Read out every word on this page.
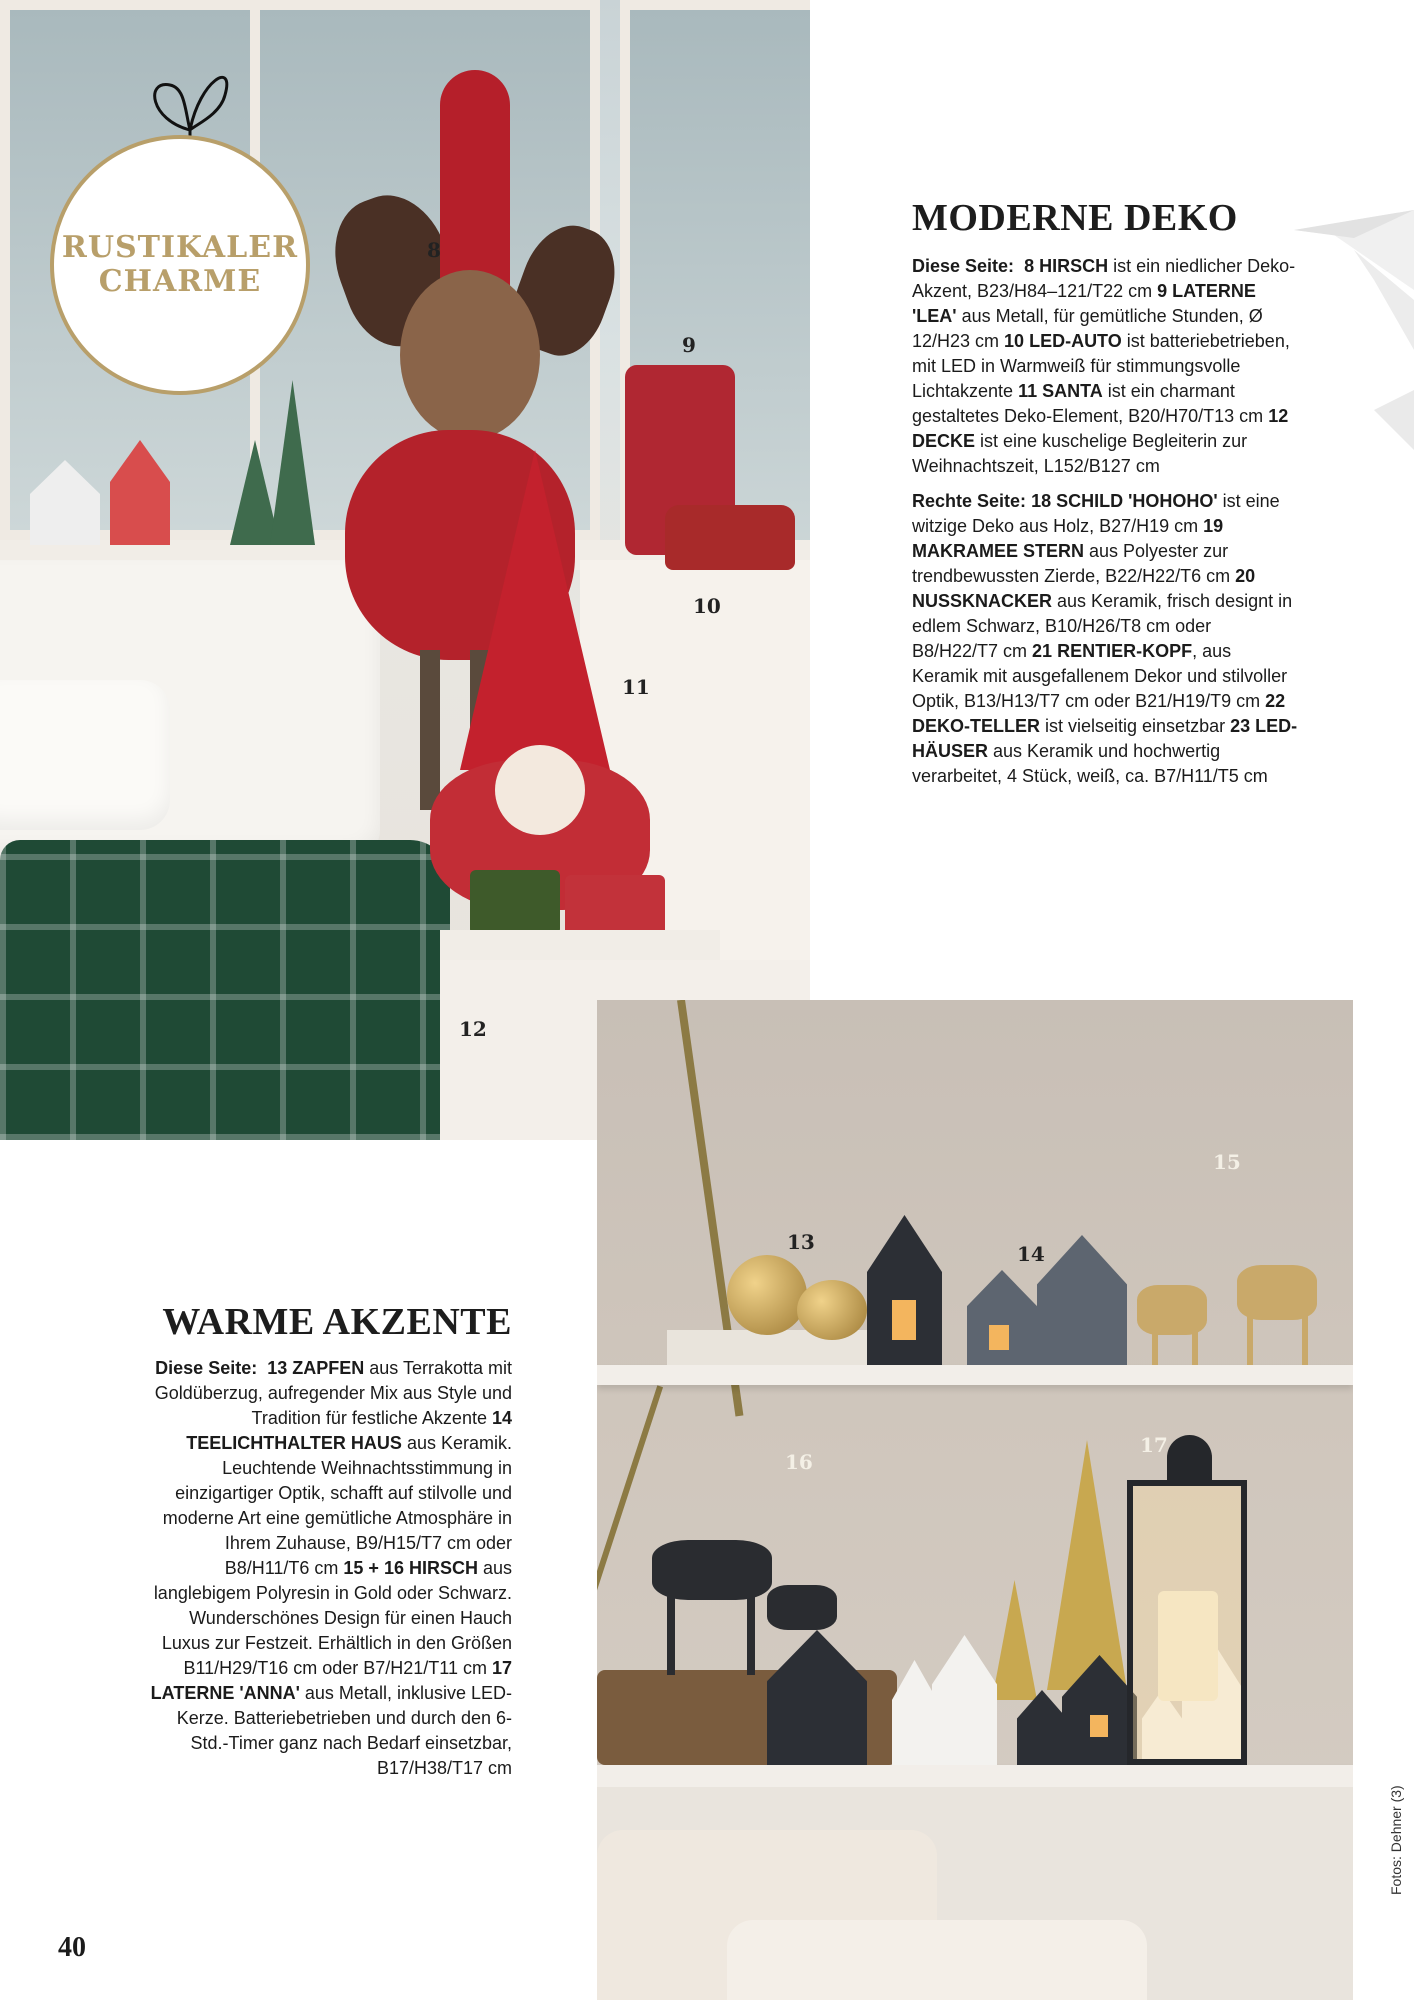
8
9
10
11
12
RUSTIKALER
CHARME
MODERNE DEKO

Diese Seite: 8 HIRSCH ist ein niedlicher Deko-Akzent, B23/H84–121/T22 cm 9 LATERNE 'LEA' aus Metall, für gemütliche Stunden, Ø 12/H23 cm 10 LED-AUTO ist batteriebetrieben, mit LED in Warmweiß für stimmungsvolle Lichtakzente 11 SANTA ist ein charmant gestaltetes Deko-Element, B20/H70/T13 cm 12 DECKE ist eine kuschelige Begleiterin zur Weihnachtszeit, L152/B127 cm

Rechte Seite: 18 SCHILD 'HOHOHO' ist eine witzige Deko aus Holz, B27/H19 cm 19 MAKRAMEE STERN aus Polyester zur trendbewussten Zierde, B22/H22/T6 cm 20 NUSSKNACKER aus Keramik, frisch designt in edlem Schwarz, B10/H26/T8 cm oder B8/H22/T7 cm 21 RENTIER-KOPF, aus Keramik mit ausgefallenem Dekor und stilvoller Optik, B13/H13/T7 cm oder B21/H19/T9 cm 22 DEKO-TELLER ist vielseitig einsetzbar 23 LED-HÄUSER aus Keramik und hochwertig verarbeitet, 4 Stück, weiß, ca. B7/H11/T5 cm

13	14
15
16
17
WARME AKZENTE

Diese Seite: 13 ZAPFEN aus Terrakotta mit Goldüberzug, aufregender Mix aus Style und Tradition für festliche Akzente 14 TEELICHTHALTER HAUS aus Keramik. Leuchtende Weihnachtsstimmung in einzigartiger Optik, schafft auf stilvolle und moderne Art eine gemütliche Atmosphäre in Ihrem Zuhause, B9/H15/T7 cm oder B8/H11/T6 cm 15 + 16 HIRSCH aus langlebigem Polyresin in Gold oder Schwarz. Wunderschönes Design für einen Hauch Luxus zur Festzeit. Erhältlich in den Größen B11/H29/T16 cm oder B7/H21/T11 cm 17 LATERNE 'ANNA' aus Metall, inklusive LED-Kerze. Batteriebetrieben und durch den 6-Std.-Timer ganz nach Bedarf einsetzbar, B17/H38/T17 cm

40
Fotos: Dehner (3)
